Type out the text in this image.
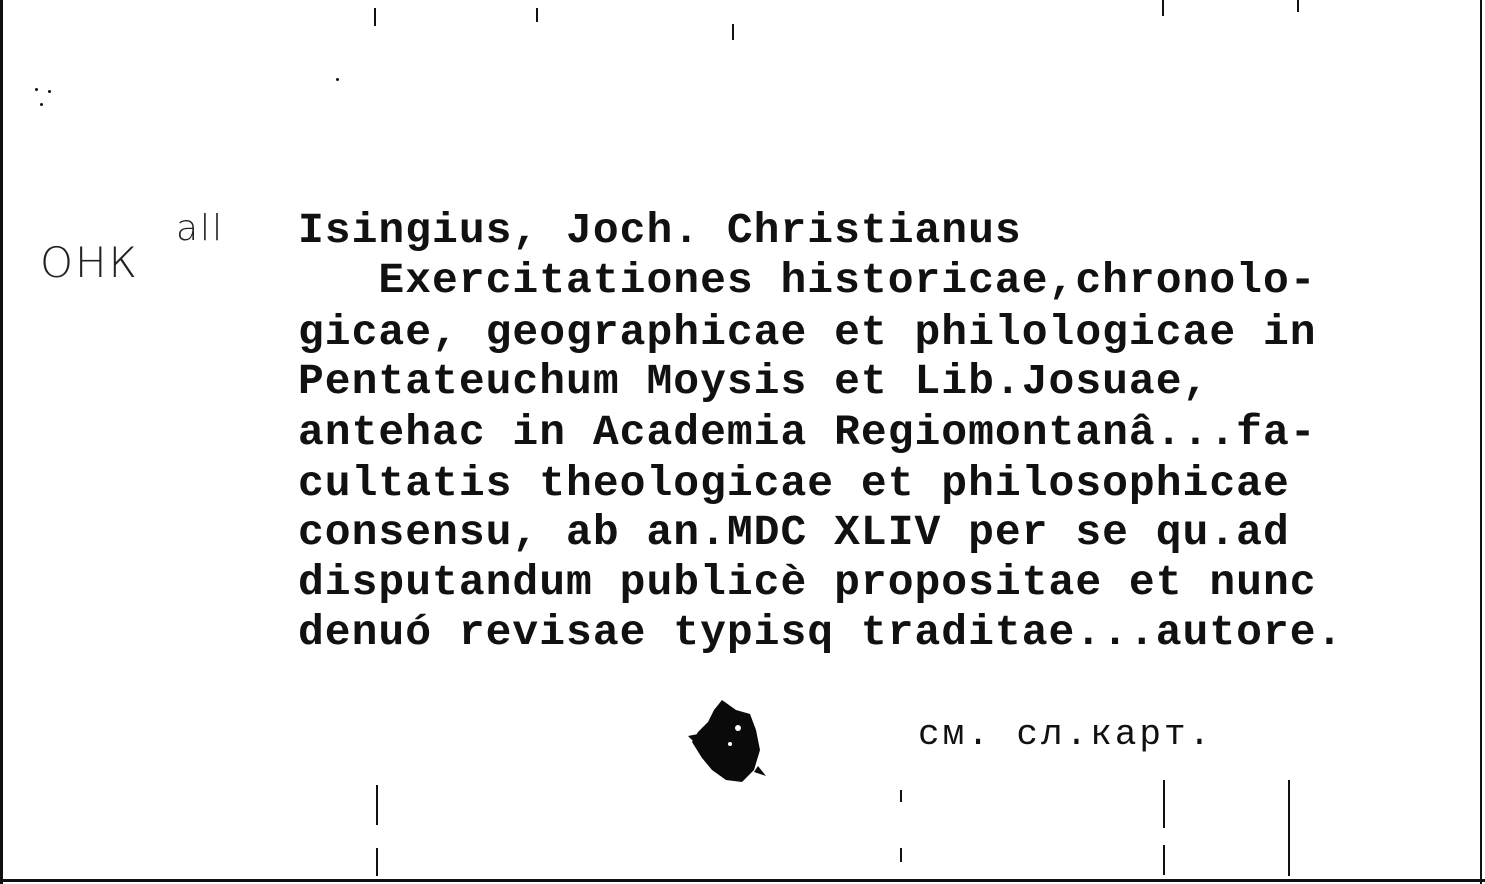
ОНК
all Isingius, Joch. Christianus
Exercitationes historicae,chronolo-
gicae, geographicae et philologicae in
Pentateuchum Moysis et Lib.Josuae,
antehac in Academia Regiomontanâ...fa-
cultatis theologicae et philosophicae
consensu, ab an.MDC XLIV per se qu.ad
disputandum publicè propositae et nunc
denuó revisae typisq traditae...autore.
см. сл.карт.
